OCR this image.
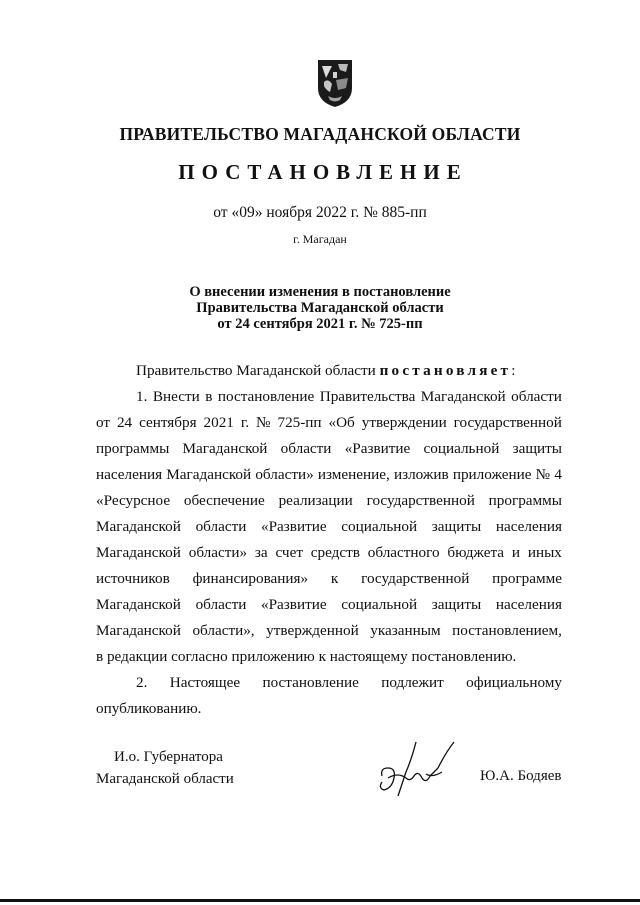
ПРАВИТЕЛЬСТВО МАГАДАНСКОЙ ОБЛАСТИ
ПОСТАНОВЛЕНИЕ
от «09» ноября 2022 г. № 885-пп
г. Магадан
О внесении изменения в постановление
Правительства Магаданской области
от 24 сентября 2021 г. № 725-пп

Правительство Магаданской области постановляет:

1. Внести в постановление Правительства Магаданской области
от 24 сентября 2021 г. № 725-пп «Об утверждении государственной
программы Магаданской области «Развитие социальной защиты
населения Магаданской области» изменение, изложив приложение № 4
«Ресурсное обеспечение реализации государственной программы
Магаданской области «Развитие социальной защиты населения
Магаданской области» за счет средств областного бюджета и иных
источников финансирования» к государственной программе
Магаданской области «Развитие социальной защиты населения
Магаданской области», утвержденной указанным постановлением,
в редакции согласно приложению к настоящему постановлению.
2. Настоящее постановление подлежит официальному
опубликованию.
И.о. Губернатора
Магаданской области	Ю.А. Бодяев
